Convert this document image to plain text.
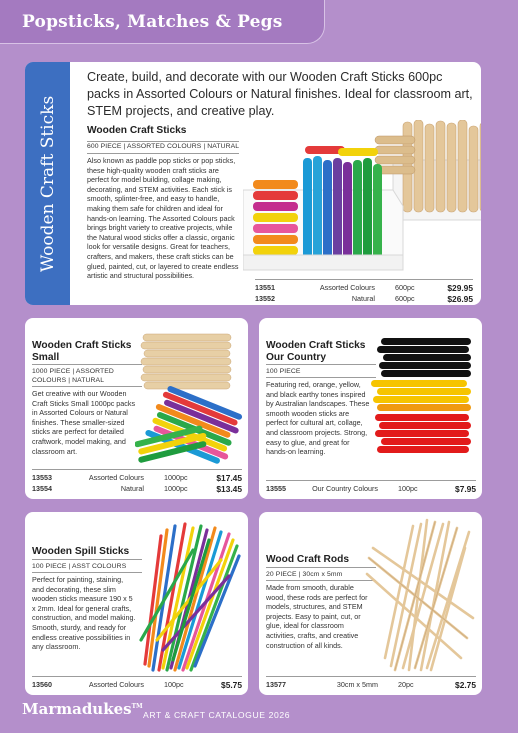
Popsticks, Matches & Pegs
Wooden Craft Sticks
Create, build, and decorate with our Wooden Craft Sticks 600pc packs in Assorted Colours or Natural finishes. Ideal for classroom art, STEM projects, and creative play.
Wooden Craft Sticks
600 PIECE | ASSORTED COLOURS | NATURAL
Also known as paddle pop sticks or pop sticks, these high-quality wooden craft sticks are perfect for model building, collage making, decorating, and STEM activities. Each stick is smooth, splinter-free, and easy to handle, making them safe for children and ideal for hands-on learning. The Assorted Colours pack brings bright variety to creative projects, while the Natural wood sticks offer a classic, organic look for versatile designs. Great for teachers, crafters, and makers, these craft sticks can be glued, painted, cut, or layered to create endless artistic and structural possibilities.
13551	Assorted Colours	600pc	$29.95
13552	Natural	600pc	$26.95
Wooden Craft Sticks Small
1000 PIECE | ASSORTED COLOURS | NATURAL
Get creative with our Wooden Craft Sticks Small 1000pc packs in Assorted Colours or Natural finishes. These smaller-sized sticks are perfect for detailed craftwork, model making, and classroom art.
13553	Assorted Colours	1000pc	$17.45
13554	Natural	1000pc	$13.45
Wooden Craft Sticks Our Country
100 PIECE
Featuring red, orange, yellow, and black earthy tones inspired by Australian landscapes. These smooth wooden sticks are perfect for cultural art, collage, and classroom projects. Strong, easy to glue, and great for hands-on learning.
13555	Our Country Colours	100pc	$7.95
Wooden Spill Sticks
100 PIECE | ASST COLOURS
Perfect for painting, staining, and decorating, these slim wooden sticks measure 190 x 5 x 2mm. Ideal for general crafts, construction, and model making. Smooth, sturdy, and ready for endless creative possibilities in any classroom.
13560	Assorted Colours	100pc	$5.75
Wood Craft Rods
20 PIECE | 30cm x 5mm
Made from smooth, durable wood, these rods are perfect for models, structures, and STEM projects. Easy to paint, cut, or glue, ideal for classroom activities, crafts, and creative construction of all kinds.
13577	30cm x 5mm	20pc	$2.75
Marmadukes™
ART & CRAFT CATALOGUE 2026
